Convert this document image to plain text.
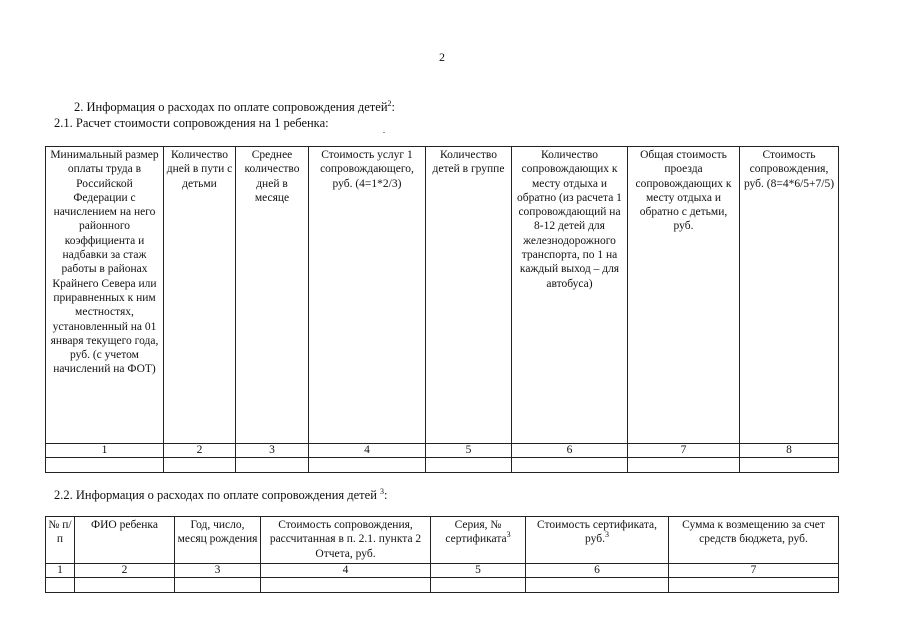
2
2. Информация о расходах по оплате сопровождения детей$^2$:
2.1. Расчет стоимости сопровождения на 1 ребенка:
Минимальный размер оплаты труда в Российской Федерации с начислением на него районного коэффициента и надбавки за стаж работы в районах Крайнего Севера или приравненных к ним местностях, установленный на 01 января текущего года, руб. (с учетом начислений на ФОТ)	Количество дней в пути с детьми	Среднее количество дней в месяце	Стоимость услуг 1 сопровождающего, руб. (4=1*2/3)	Количество детей в группе	Количество сопровождающих к месту отдыха и обратно (из расчета 1 сопровождающий на 8-12 детей для железнодорожного транспорта, по 1 на каждый выход – для автобуса)	Общая стоимость проезда сопровождающих к месту отдыха и обратно с детьми, руб.	Стоимость сопровождения, руб. (8=4*6/5+7/5)
1	2	3	4	5	6	7	8

2.2. Информация о расходах по оплате сопровождения детей $^3$:
№ п/п	ФИО ребенка	Год, число, месяц рождения	Стоимость сопровождения, рассчитанная в п. 2.1. пункта 2 Отчета, руб.	Серия, № сертификата$^3$	Стоимость сертификата, руб.$^3$	Сумма к возмещению за счет средств бюджета, руб.
1	2	3	4	5	6	7
